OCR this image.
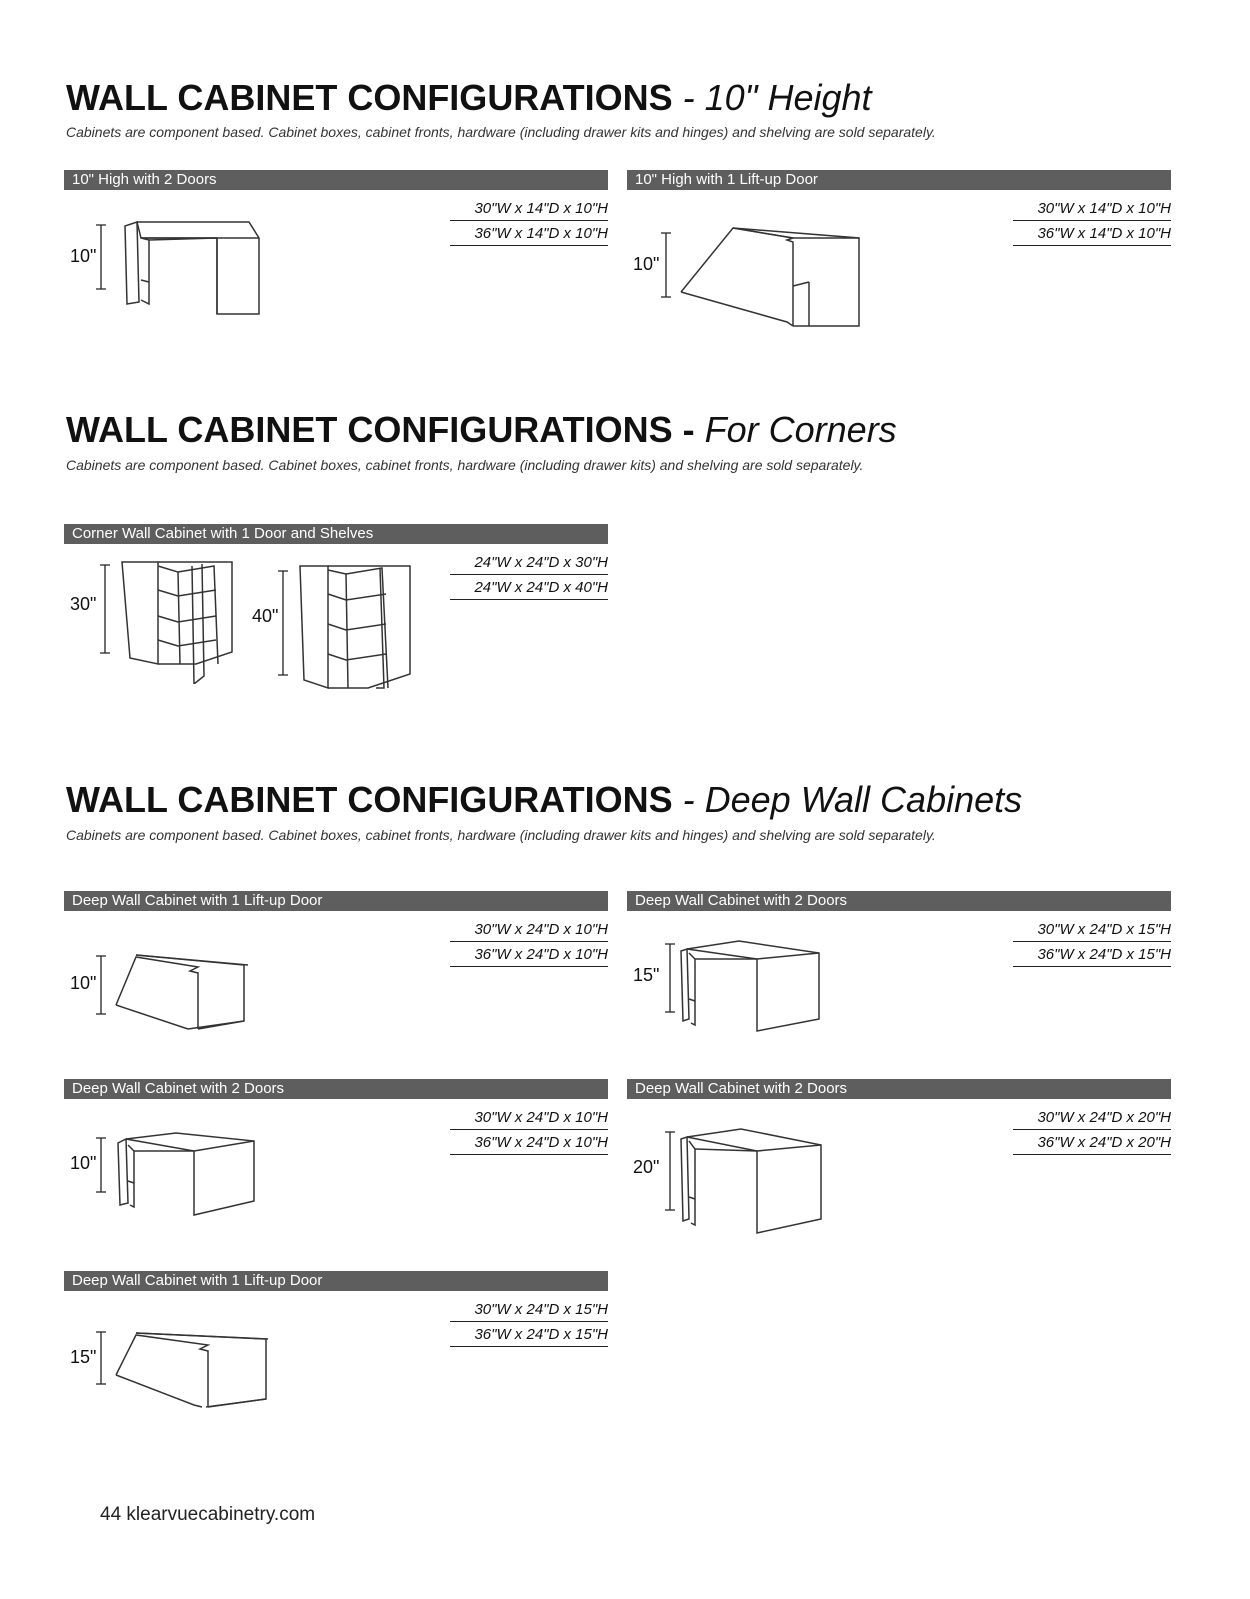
WALL CABINET CONFIGURATIONS - 10" Height
Cabinets are component based. Cabinet boxes, cabinet fronts, hardware (including drawer kits and hinges) and shelving are sold separately.
10" High with 2 Doors
30"W x 14"D x 10"H
36"W x 14"D x 10"H
10"
10" High with 1 Lift-up Door
30"W x 14"D x 10"H
36"W x 14"D x 10"H
10"
WALL CABINET CONFIGURATIONS - For Corners
Cabinets are component based. Cabinet boxes, cabinet fronts, hardware (including drawer kits) and shelving are sold separately.
Corner Wall Cabinet with 1 Door and Shelves
24"W x 24"D x 30"H
24"W x 24"D x 40"H
30"
40"
WALL CABINET CONFIGURATIONS - Deep Wall Cabinets
Cabinets are component based. Cabinet boxes, cabinet fronts, hardware (including drawer kits and hinges) and shelving are sold separately.
Deep Wall Cabinet with 1 Lift-up Door
30"W x 24"D x 10"H
36"W x 24"D x 10"H
10"
Deep Wall Cabinet with 2 Doors
30"W x 24"D x 15"H
36"W x 24"D x 15"H
15"
Deep Wall Cabinet with 2 Doors
30"W x 24"D x 10"H
36"W x 24"D x 10"H
10"
Deep Wall Cabinet with 2 Doors
30"W x 24"D x 20"H
36"W x 24"D x 20"H
20"
Deep Wall Cabinet with 1 Lift-up Door
30"W x 24"D x 15"H
36"W x 24"D x 15"H
15"
44 klearvuecabinetry.com
